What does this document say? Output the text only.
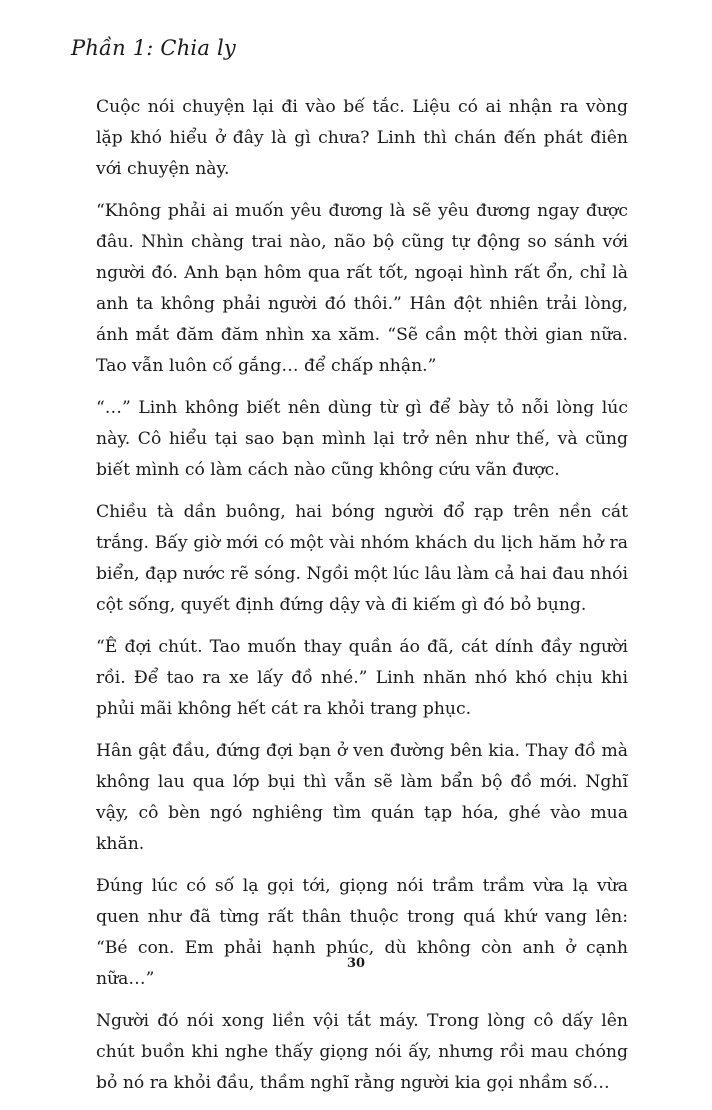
Phần 1: Chia ly

Cuộc nói chuyện lại đi vào bế tắc. Liệu có ai nhận ra vòng lặp khó hiểu ở đây là gì chưa? Linh thì chán đến phát điên với chuyện này.

“Không phải ai muốn yêu đương là sẽ yêu đương ngay được đâu. Nhìn chàng trai nào, não bộ cũng tự động so sánh với người đó. Anh bạn hôm qua rất tốt, ngoại hình rất ổn, chỉ là anh ta không phải người đó thôi.” Hân đột nhiên trải lòng, ánh mắt đăm đăm nhìn xa xăm. “Sẽ cần một thời gian nữa. Tao vẫn luôn cố gắng… để chấp nhận.”

“…” Linh không biết nên dùng từ gì để bày tỏ nỗi lòng lúc này. Cô hiểu tại sao bạn mình lại trở nên như thế, và cũng biết mình có làm cách nào cũng không cứu vãn được.

Chiều tà dần buông, hai bóng người đổ rạp trên nền cát trắng. Bấy giờ mới có một vài nhóm khách du lịch hăm hở ra biển, đạp nước rẽ sóng. Ngồi một lúc lâu làm cả hai đau nhói cột sống, quyết định đứng dậy và đi kiếm gì đó bỏ bụng.

“Ê đợi chút. Tao muốn thay quần áo đã, cát dính đầy người rồi. Để tao ra xe lấy đồ nhé.” Linh nhăn nhó khó chịu khi phủi mãi không hết cát ra khỏi trang phục.

Hân gật đầu, đứng đợi bạn ở ven đường bên kia. Thay đồ mà không lau qua lớp bụi thì vẫn sẽ làm bẩn bộ đồ mới. Nghĩ vậy, cô bèn ngó nghiêng tìm quán tạp hóa, ghé vào mua khăn.

Đúng lúc có số lạ gọi tới, giọng nói trầm trầm vừa lạ vừa quen như đã từng rất thân thuộc trong quá khứ vang lên: “Bé con. Em phải hạnh phúc, dù không còn anh ở cạnh nữa…”

Người đó nói xong liền vội tắt máy. Trong lòng cô dấy lên chút buồn khi nghe thấy giọng nói ấy, nhưng rồi mau chóng bỏ nó ra khỏi đầu, thầm nghĩ rằng người kia gọi nhầm số…

30
